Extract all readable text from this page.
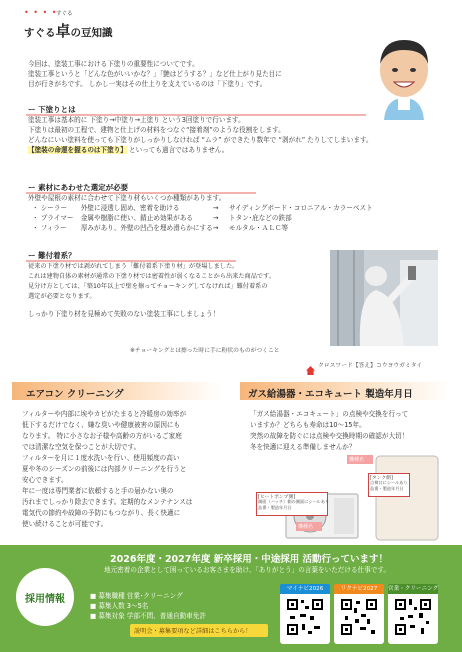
• • • •
すぐる
すぐる卓の豆知識
今回は、塗装工事における下塗りの重要性についてです。
塗装工事というと「どんな色がいいかな？」「艶はどうする？」など仕上がり見た目に
目が行きがちです。 しかし一実はその仕上りを支えているのは「下塗り」です。
ー 下塗りとは
塗装工事は基本的に 下塗り→中塗り→上塗り という3回塗りで行います。
下塗りは最初の工程で、建物と仕上げの材料をつなぐ“接着剤”のような役割をします。
どんなにいい塗料を使っても下塗りがしっかりしなければ “ムラ” ができたり数年で “剥がれ” たりしてしまいます。
【塗装の命運を握るのは下塗り】 といっても過言ではありません。
ー 素材にあわせた選定が必要
外壁や屋根の素材に合わせて下塗り材もいくつか種類があります。
・ シーラー 外壁に浸透し固め、密着を助ける	→ サイディングボード・コロニアル・カラーベスト
・ プライマー 金属や樹脂に使い、錆止め効果がある	→ トタン･庇などの鉄部
・ フィラー 厚みがあり、外壁の凹凸を埋め滑らかにする → モルタル・ＡＬＣ等
ー 難付着系？
従来の下塗り材では剥がれてしまう「難付着系下塗り材」が登場しました。
これは建物自体の素材が通常の下塗り材では密着性が弱くなることから出来た商品です。
見分け方としては、「築10年以上で壁を擦ってチョーキングしてなければ」難付着系の
選定が必要となります。
しっかり下塗り材を見極めて失敗のない塗装工事にしましょう！
※チョーキングとは擦った時に手に粉状のものがつくこと
クロスワード【答え】コウヨウガミタイ
エアコン クリーニング
フィルターや内部に埃やカビがたまると冷暖房の効率が
低下するだけでなく、嫌な臭いや健康被害の原因にも
なります。 特に小さなお子様や高齢の方がいるご家庭
では清潔な空気を保つことが大切です。
フィルターを月に１度水洗いを行い、使用頻度の高い
夏や冬のシーズンの前後には内部クリーニングを行うと
安心できます。
年に一度は専門業者に依頼すると手の届かない奥の
汚れまでしっかり除去できます。定期的なメンテナンスは
電気代の節約や故障の予防にもつながり、長く快適に
使い続けることが可能です。
ガス給湯器・エコキュート 製造年月日
「ガス給湯器・エコキュート」の点検や交換を行って
いますか？どちらも寿命は10～15年。
突然の故障を防ぐには点検や交換時期の確認が大切！
冬を快適に迎える準備しませんか？
機種名
[タンク側]
点検口にシールあり
品番・製造年月日
[ヒートポンプ側]
側面（ハッチ）側の側面にシールあり
品番・製造年月日
機種名
採用情報
2026年度・2027年度 新卒採用・中途採用 活動行っています！
地元密着の企業として困っているお客さまを助け、「ありがとう」の言葉をいただける仕事です。
■ 募集職種 営業･クリーニング
■ 募集人数 3～5名
■ 募集対象 学部不問、普通自動車免許
説明会・募集要項など詳細はこちらから！
マイナビ2026	リクナビ2027	営業・クリーニング
